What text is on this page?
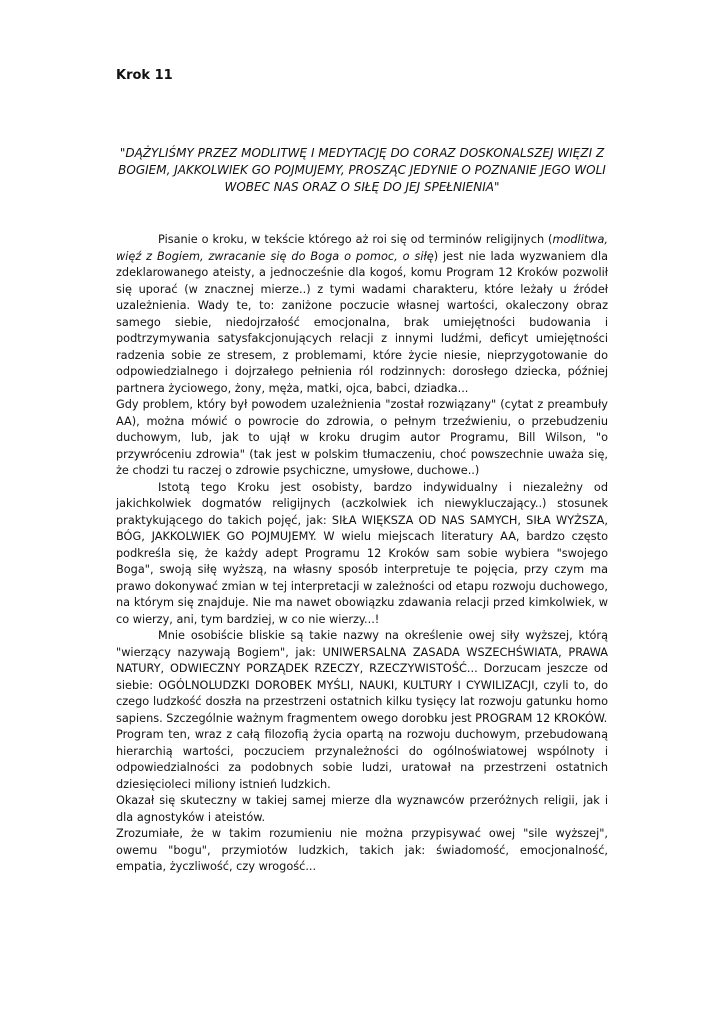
Krok 11

"DĄŻYLIŚMY PRZEZ MODLITWĘ I MEDYTACJĘ DO CORAZ DOSKONALSZEJ WIĘZI Z BOGIEM, JAKKOLWIEK GO POJMUJEMY, PROSZĄC JEDYNIE O POZNANIE JEGO WOLI WOBEC NAS ORAZ O SIŁĘ DO JEJ SPEŁNIENIA"

Pisanie o kroku, w tekście którego aż roi się od terminów religijnych (modlitwa, więź z Bogiem, zwracanie się do Boga o pomoc, o siłę) jest nie lada wyzwaniem dla zdeklarowanego ateisty, a jednocześnie dla kogoś, komu Program 12 Kroków pozwolił się uporać (w znacznej mierze..) z tymi wadami charakteru, które leżały u źródeł uzależnienia. Wady te, to: zaniżone poczucie własnej wartości, okaleczony obraz samego siebie, niedojrzałość emocjonalna, brak umiejętności budowania i podtrzymywania satysfakcjonujących relacji z innymi ludźmi, deficyt umiejętności radzenia sobie ze stresem, z problemami, które życie niesie, nieprzygotowanie do odpowiedzialnego i dojrzałego pełnienia ról rodzinnych: dorosłego dziecka, później partnera życiowego, żony, męża, matki, ojca, babci, dziadka...

Gdy problem, który był powodem uzależnienia "został rozwiązany" (cytat z preambuły AA), można mówić o powrocie do zdrowia, o pełnym trzeźwieniu, o przebudzeniu duchowym, lub, jak to ujął w kroku drugim autor Programu, Bill Wilson, "o przywróceniu zdrowia" (tak jest w polskim tłumaczeniu, choć powszechnie uważa się, że chodzi tu raczej o zdrowie psychiczne, umysłowe, duchowe..)

Istotą tego Kroku jest osobisty, bardzo indywidualny i niezależny od jakichkolwiek dogmatów religijnych (aczkolwiek ich niewykluczający..) stosunek praktykującego do takich pojęć, jak: SIŁA WIĘKSZA OD NAS SAMYCH, SIŁA WYŻSZA, BÓG, JAKKOLWIEK GO POJMUJEMY. W wielu miejscach literatury AA, bardzo często podkreśla się, że każdy adept Programu 12 Kroków sam sobie wybiera "swojego Boga", swoją siłę wyższą, na własny sposób interpretuje te pojęcia, przy czym ma prawo dokonywać zmian w tej interpretacji w zależności od etapu rozwoju duchowego, na którym się znajduje. Nie ma nawet obowiązku zdawania relacji przed kimkolwiek, w co wierzy, ani, tym bardziej, w co nie wierzy...!

Mnie osobiście bliskie są takie nazwy na określenie owej siły wyższej, którą "wierzący nazywają Bogiem", jak: UNIWERSALNA ZASADA WSZECHŚWIATA, PRAWA NATURY, ODWIECZNY PORZĄDEK RZECZY, RZECZYWISTOŚĆ... Dorzucam jeszcze od siebie: OGÓLNOLUDZKI DOROBEK MYŚLI, NAUKI, KULTURY I CYWILIZACJI, czyli to, do czego ludzkość doszła na przestrzeni ostatnich kilku tysięcy lat rozwoju gatunku homo sapiens. Szczególnie ważnym fragmentem owego dorobku jest PROGRAM 12 KROKÓW.

Program ten, wraz z całą filozofią życia opartą na rozwoju duchowym, przebudowaną hierarchią wartości, poczuciem przynależności do ogólnoświatowej wspólnoty i odpowiedzialności za podobnych sobie ludzi, uratował na przestrzeni ostatnich dziesięcioleci miliony istnień ludzkich.

Okazał się skuteczny w takiej samej mierze dla wyznawców przeróżnych religii, jak i dla agnostyków i ateistów.

Zrozumiałe, że w takim rozumieniu nie można przypisywać owej "sile wyższej", owemu "bogu", przymiotów ludzkich, takich jak: świadomość, emocjonalność, empatia, życzliwość, czy wrogość...
